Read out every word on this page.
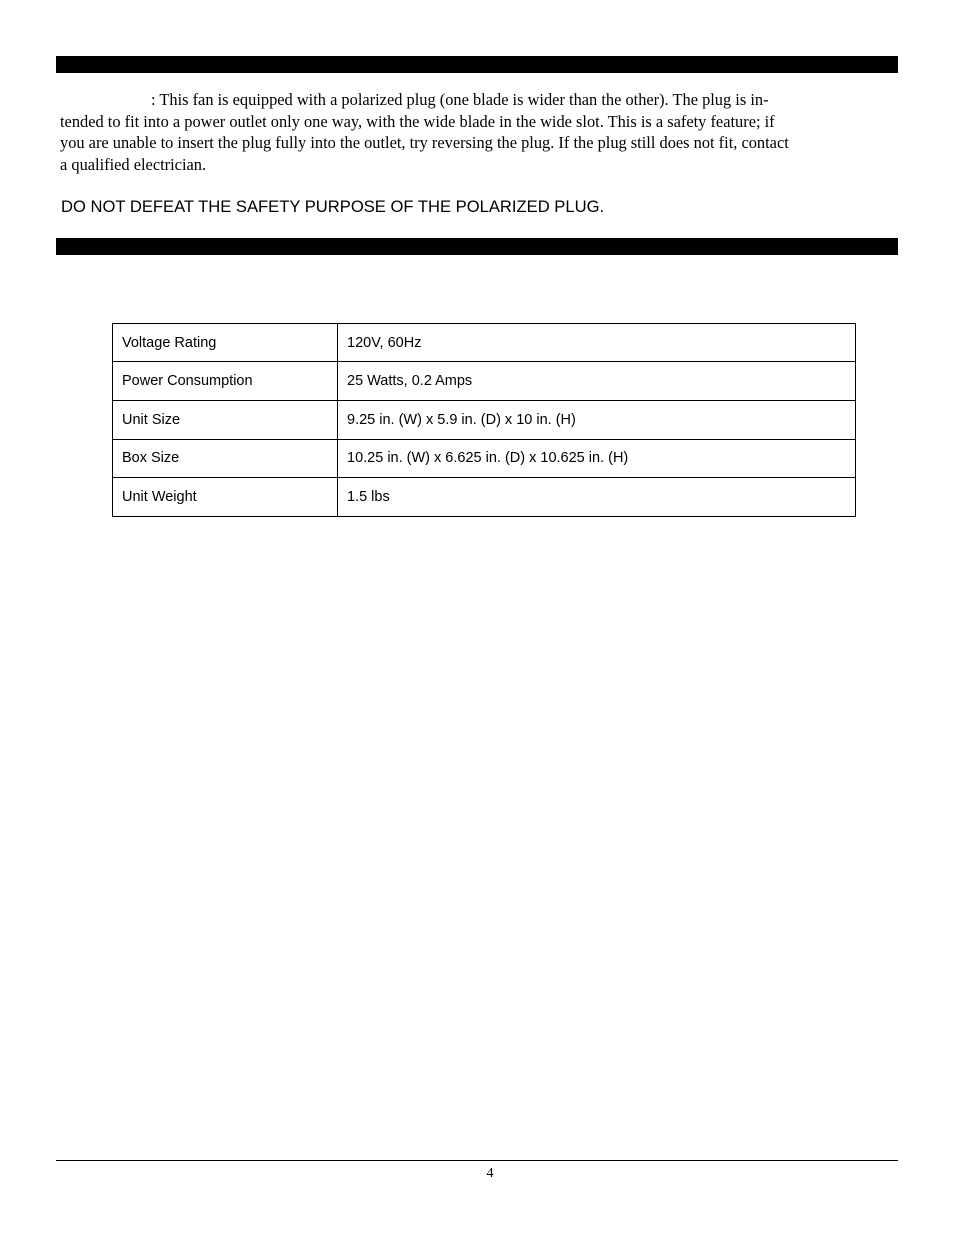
: This fan is equipped with a polarized plug (one blade is wider than the other). The plug is in-
tended to fit into a power outlet only one way, with the wide blade in the wide slot. This is a safety feature; if
you are unable to insert the plug fully into the outlet, try reversing the plug. If the plug still does not fit, contact
a qualified electrician.

DO NOT DEFEAT THE SAFETY PURPOSE OF THE POLARIZED PLUG.

Voltage Rating	120V, 60Hz
Power Consumption	25 Watts, 0.2 Amps
Unit Size	9.25 in. (W) x 5.9 in. (D) x 10 in. (H)
Box Size	10.25 in. (W) x 6.625 in. (D) x 10.625 in. (H)
Unit Weight	1.5 lbs
4
